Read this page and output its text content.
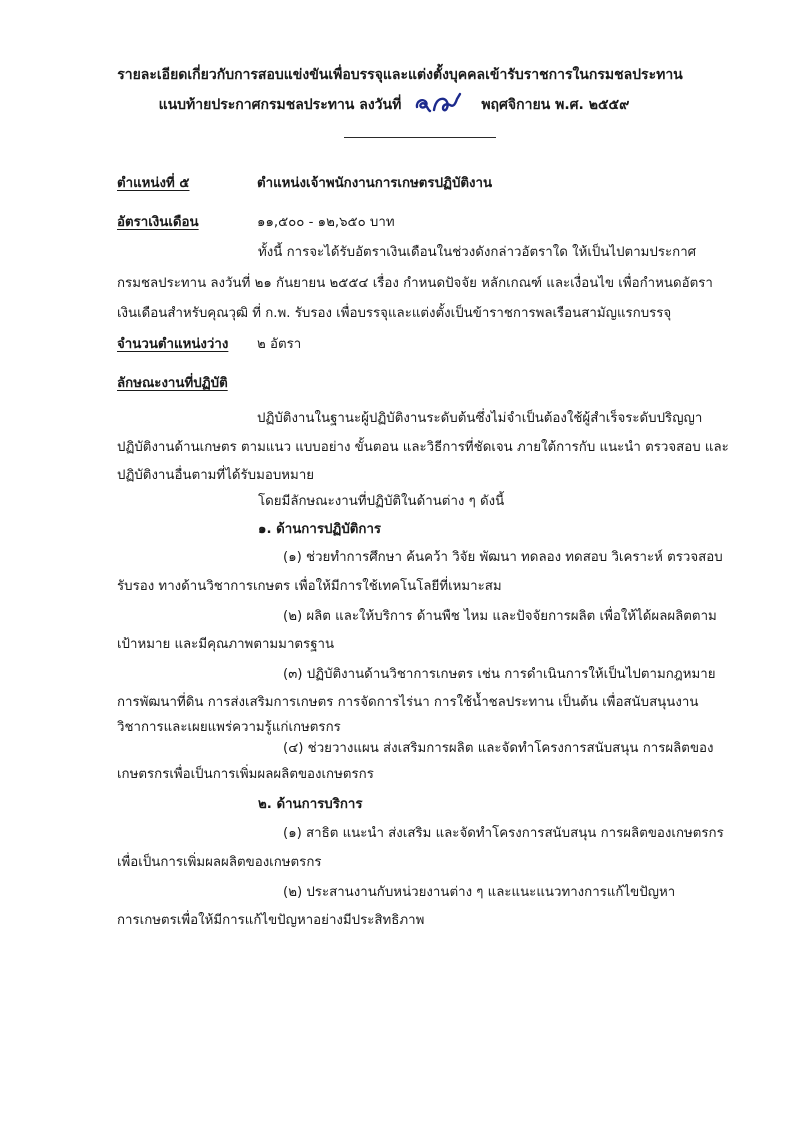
รายละเอียดเกี่ยวกับการสอบแข่งขันเพื่อบรรจุและแต่งตั้งบุคคลเข้ารับราชการในกรมชลประทาน
แนบท้ายประกาศกรมชลประทาน ลงวันที่	พฤศจิกายน พ.ศ. ๒๕๕๙
ตำแหน่งที่ ๕	ตำแหน่งเจ้าพนักงานการเกษตรปฏิบัติงาน
อัตราเงินเดือน	๑๑,๕๐๐ - ๑๒,๖๕๐ บาท
ทั้งนี้ การจะได้รับอัตราเงินเดือนในช่วงดังกล่าวอัตราใด ให้เป็นไปตามประกาศ
กรมชลประทาน ลงวันที่ ๒๑ กันยายน ๒๕๕๔ เรื่อง กำหนดปัจจัย หลักเกณฑ์ และเงื่อนไข เพื่อกำหนดอัตรา
เงินเดือนสำหรับคุณวุฒิ ที่ ก.พ. รับรอง เพื่อบรรจุและแต่งตั้งเป็นข้าราชการพลเรือนสามัญแรกบรรจุ
จำนวนตำแหน่งว่าง ๒ อัตรา
ลักษณะงานที่ปฏิบัติ
ปฏิบัติงานในฐานะผู้ปฏิบัติงานระดับต้นซึ่งไม่จำเป็นต้องใช้ผู้สำเร็จระดับปริญญา
ปฏิบัติงานด้านเกษตร ตามแนว แบบอย่าง ขั้นตอน และวิธีการที่ชัดเจน ภายใต้การกับ แนะนำ ตรวจสอบ และ
ปฏิบัติงานอื่นตามที่ได้รับมอบหมาย
โดยมีลักษณะงานที่ปฏิบัติในด้านต่าง ๆ ดังนี้
๑. ด้านการปฏิบัติการ
(๑) ช่วยทำการศึกษา ค้นคว้า วิจัย พัฒนา ทดลอง ทดสอบ วิเคราะห์ ตรวจสอบ
รับรอง ทางด้านวิชาการเกษตร เพื่อให้มีการใช้เทคโนโลยีที่เหมาะสม
(๒) ผลิต และให้บริการ ด้านพืช ไหม และปัจจัยการผลิต เพื่อให้ได้ผลผลิตตาม
เป้าหมาย และมีคุณภาพตามมาตรฐาน
(๓) ปฏิบัติงานด้านวิชาการเกษตร เช่น การดำเนินการให้เป็นไปตามกฎหมาย
การพัฒนาที่ดิน การส่งเสริมการเกษตร การจัดการไร่นา การใช้น้ำชลประทาน เป็นต้น เพื่อสนับสนุนงาน
วิชาการและเผยแพร่ความรู้แก่เกษตรกร
(๔) ช่วยวางแผน ส่งเสริมการผลิต และจัดทำโครงการสนับสนุน การผลิตของ
เกษตรกรเพื่อเป็นการเพิ่มผลผลิตของเกษตรกร
๒. ด้านการบริการ
(๑) สาธิต แนะนำ ส่งเสริม และจัดทำโครงการสนับสนุน การผลิตของเกษตรกร
เพื่อเป็นการเพิ่มผลผลิตของเกษตรกร
(๒) ประสานงานกับหน่วยงานต่าง ๆ และแนะแนวทางการแก้ไขปัญหา
การเกษตรเพื่อให้มีการแก้ไขปัญหาอย่างมีประสิทธิภาพ
